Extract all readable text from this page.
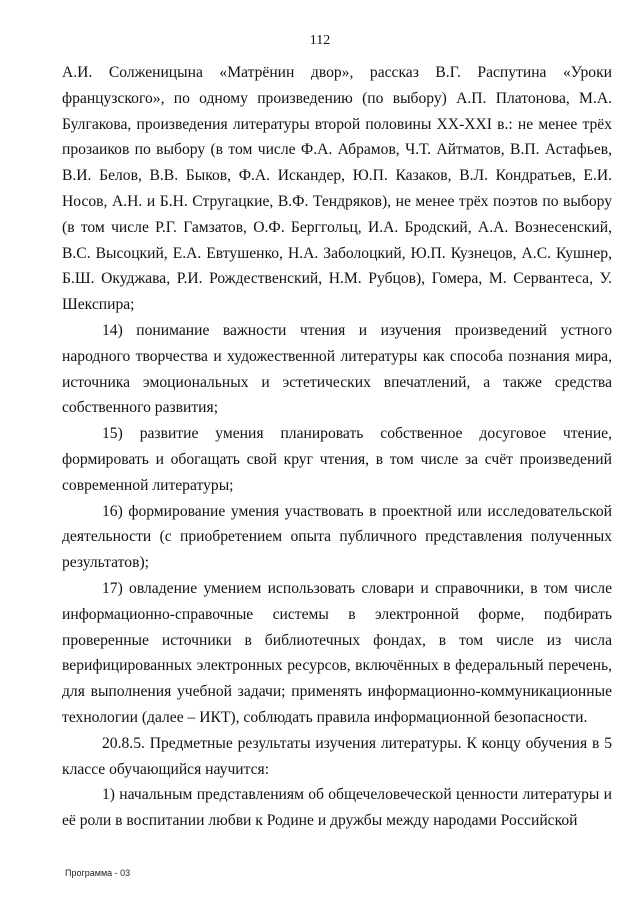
112

А.И. Солженицына «Матрёнин двор», рассказ В.Г. Распутина «Уроки французского», по одному произведению (по выбору) А.П. Платонова, М.А. Булгакова, произведения литературы второй половины XX-XXI в.: не менее трёх прозаиков по выбору (в том числе Ф.А. Абрамов, Ч.Т. Айтматов, В.П. Астафьев, В.И. Белов, В.В. Быков, Ф.А. Искандер, Ю.П. Казаков, В.Л. Кондратьев, Е.И. Носов, А.Н. и Б.Н. Стругацкие, В.Ф. Тендряков), не менее трёх поэтов по выбору (в том числе Р.Г. Гамзатов, О.Ф. Берггольц, И.А. Бродский, А.А. Вознесенский, В.С. Высоцкий, Е.А. Евтушенко, Н.А. Заболоцкий, Ю.П. Кузнецов, А.С. Кушнер, Б.Ш. Окуджава, Р.И. Рождественский, Н.М. Рубцов), Гомера, М. Сервантеса, У. Шекспира;

14) понимание важности чтения и изучения произведений устного народного творчества и художественной литературы как способа познания мира, источника эмоциональных и эстетических впечатлений, а также средства собственного развития;

15) развитие умения планировать собственное досуговое чтение, формировать и обогащать свой круг чтения, в том числе за счёт произведений современной литературы;

16) формирование умения участвовать в проектной или исследовательской деятельности (с приобретением опыта публичного представления полученных результатов);

17) овладение умением использовать словари и справочники, в том числе информационно-справочные системы в электронной форме, подбирать проверенные источники в библиотечных фондах, в том числе из числа верифицированных электронных ресурсов, включённых в федеральный перечень, для выполнения учебной задачи; применять информационно-коммуникационные технологии (далее – ИКТ), соблюдать правила информационной безопасности.

20.8.5. Предметные результаты изучения литературы. К концу обучения в 5 классе обучающийся научится:

1) начальным представлениям об общечеловеческой ценности литературы и её роли в воспитании любви к Родине и дружбы между народами Российской

Программа - 03
